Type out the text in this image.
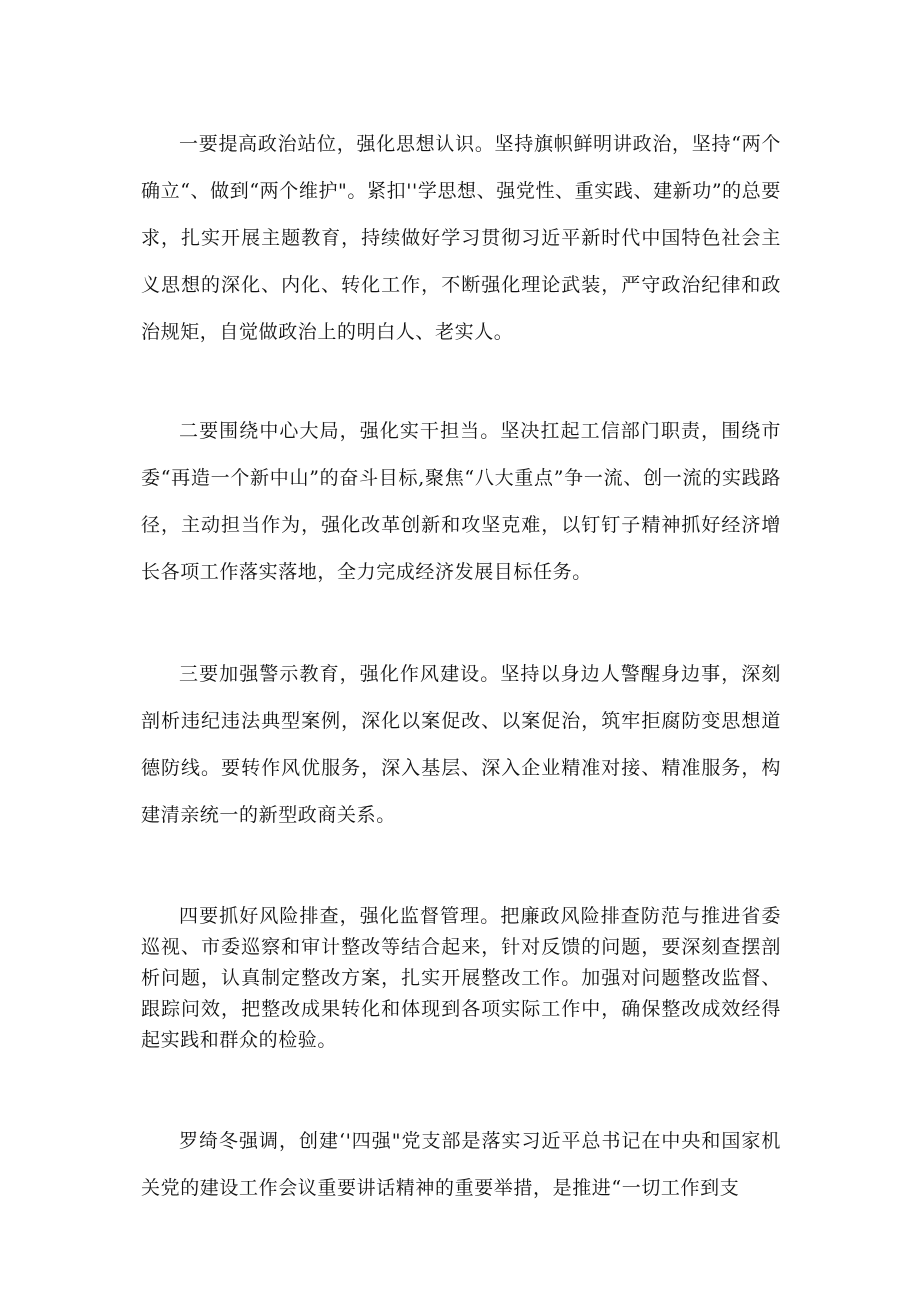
一要提高政治站位，强化思想认识。坚持旗帜鲜明讲政治，坚持“两个确立“、做到“两个维护"。紧扣''学思想、强党性、重实践、建新功”的总要求，扎实开展主题教育，持续做好学习贯彻习近平新时代中国特色社会主义思想的深化、内化、转化工作，不断强化理论武装，严守政治纪律和政治规矩，自觉做政治上的明白人、老实人。

二要围绕中心大局，强化实干担当。坚决扛起工信部门职责，围绕市委“再造一个新中山”的奋斗目标,聚焦“八大重点”争一流、创一流的实践路径，主动担当作为，强化改革创新和攻坚克难，以钉钉子精神抓好经济增长各项工作落实落地，全力完成经济发展目标任务。

三要加强警示教育，强化作风建设。坚持以身边人警醒身边事，深刻剖析违纪违法典型案例，深化以案促改、以案促治，筑牢拒腐防变思想道德防线。要转作风优服务，深入基层、深入企业精准对接、精准服务，构建清亲统一的新型政商关系。

四要抓好风险排查，强化监督管理。把廉政风险排查防范与推进省委巡视、市委巡察和审计整改等结合起来，针对反馈的问题，要深刻查摆剖析问题，认真制定整改方案，扎实开展整改工作。加强对问题整改监督、跟踪问效，把整改成果转化和体现到各项实际工作中，确保整改成效经得起实践和群众的检验。

罗绮冬强调，创建‘'四强"党支部是落实习近平总书记在中央和国家机关党的建设工作会议重要讲话精神的重要举措，是推进“一切工作到支
